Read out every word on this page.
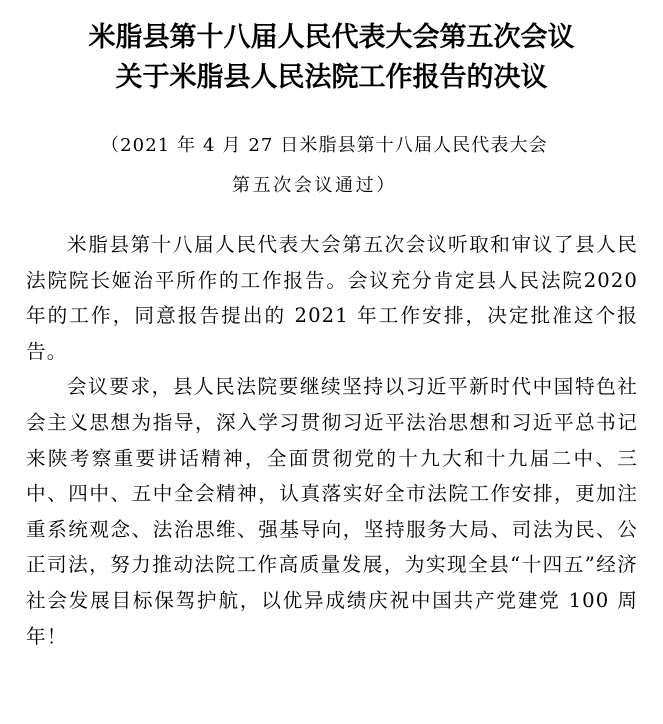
米脂县第十八届人民代表大会第五次会议
关于米脂县人民法院工作报告的决议
（2021 年 4 月 27 日米脂县第十八届人民代表大会
第五次会议通过）

米脂县第十八届人民代表大会第五次会议听取和审议了县人民法院院长姬治平所作的工作报告。会议充分肯定县人民法院2020 年的工作，同意报告提出的 2021 年工作安排，决定批准这个报告。

会议要求，县人民法院要继续坚持以习近平新时代中国特色社会主义思想为指导，深入学习贯彻习近平法治思想和习近平总书记来陕考察重要讲话精神，全面贯彻党的十九大和十九届二中、三中、四中、五中全会精神，认真落实好全市法院工作安排，更加注重系统观念、法治思维、强基导向，坚持服务大局、司法为民、公正司法，努力推动法院工作高质量发展，为实现全县“十四五”经济社会发展目标保驾护航，以优异成绩庆祝中国共产党建党 100 周年！
